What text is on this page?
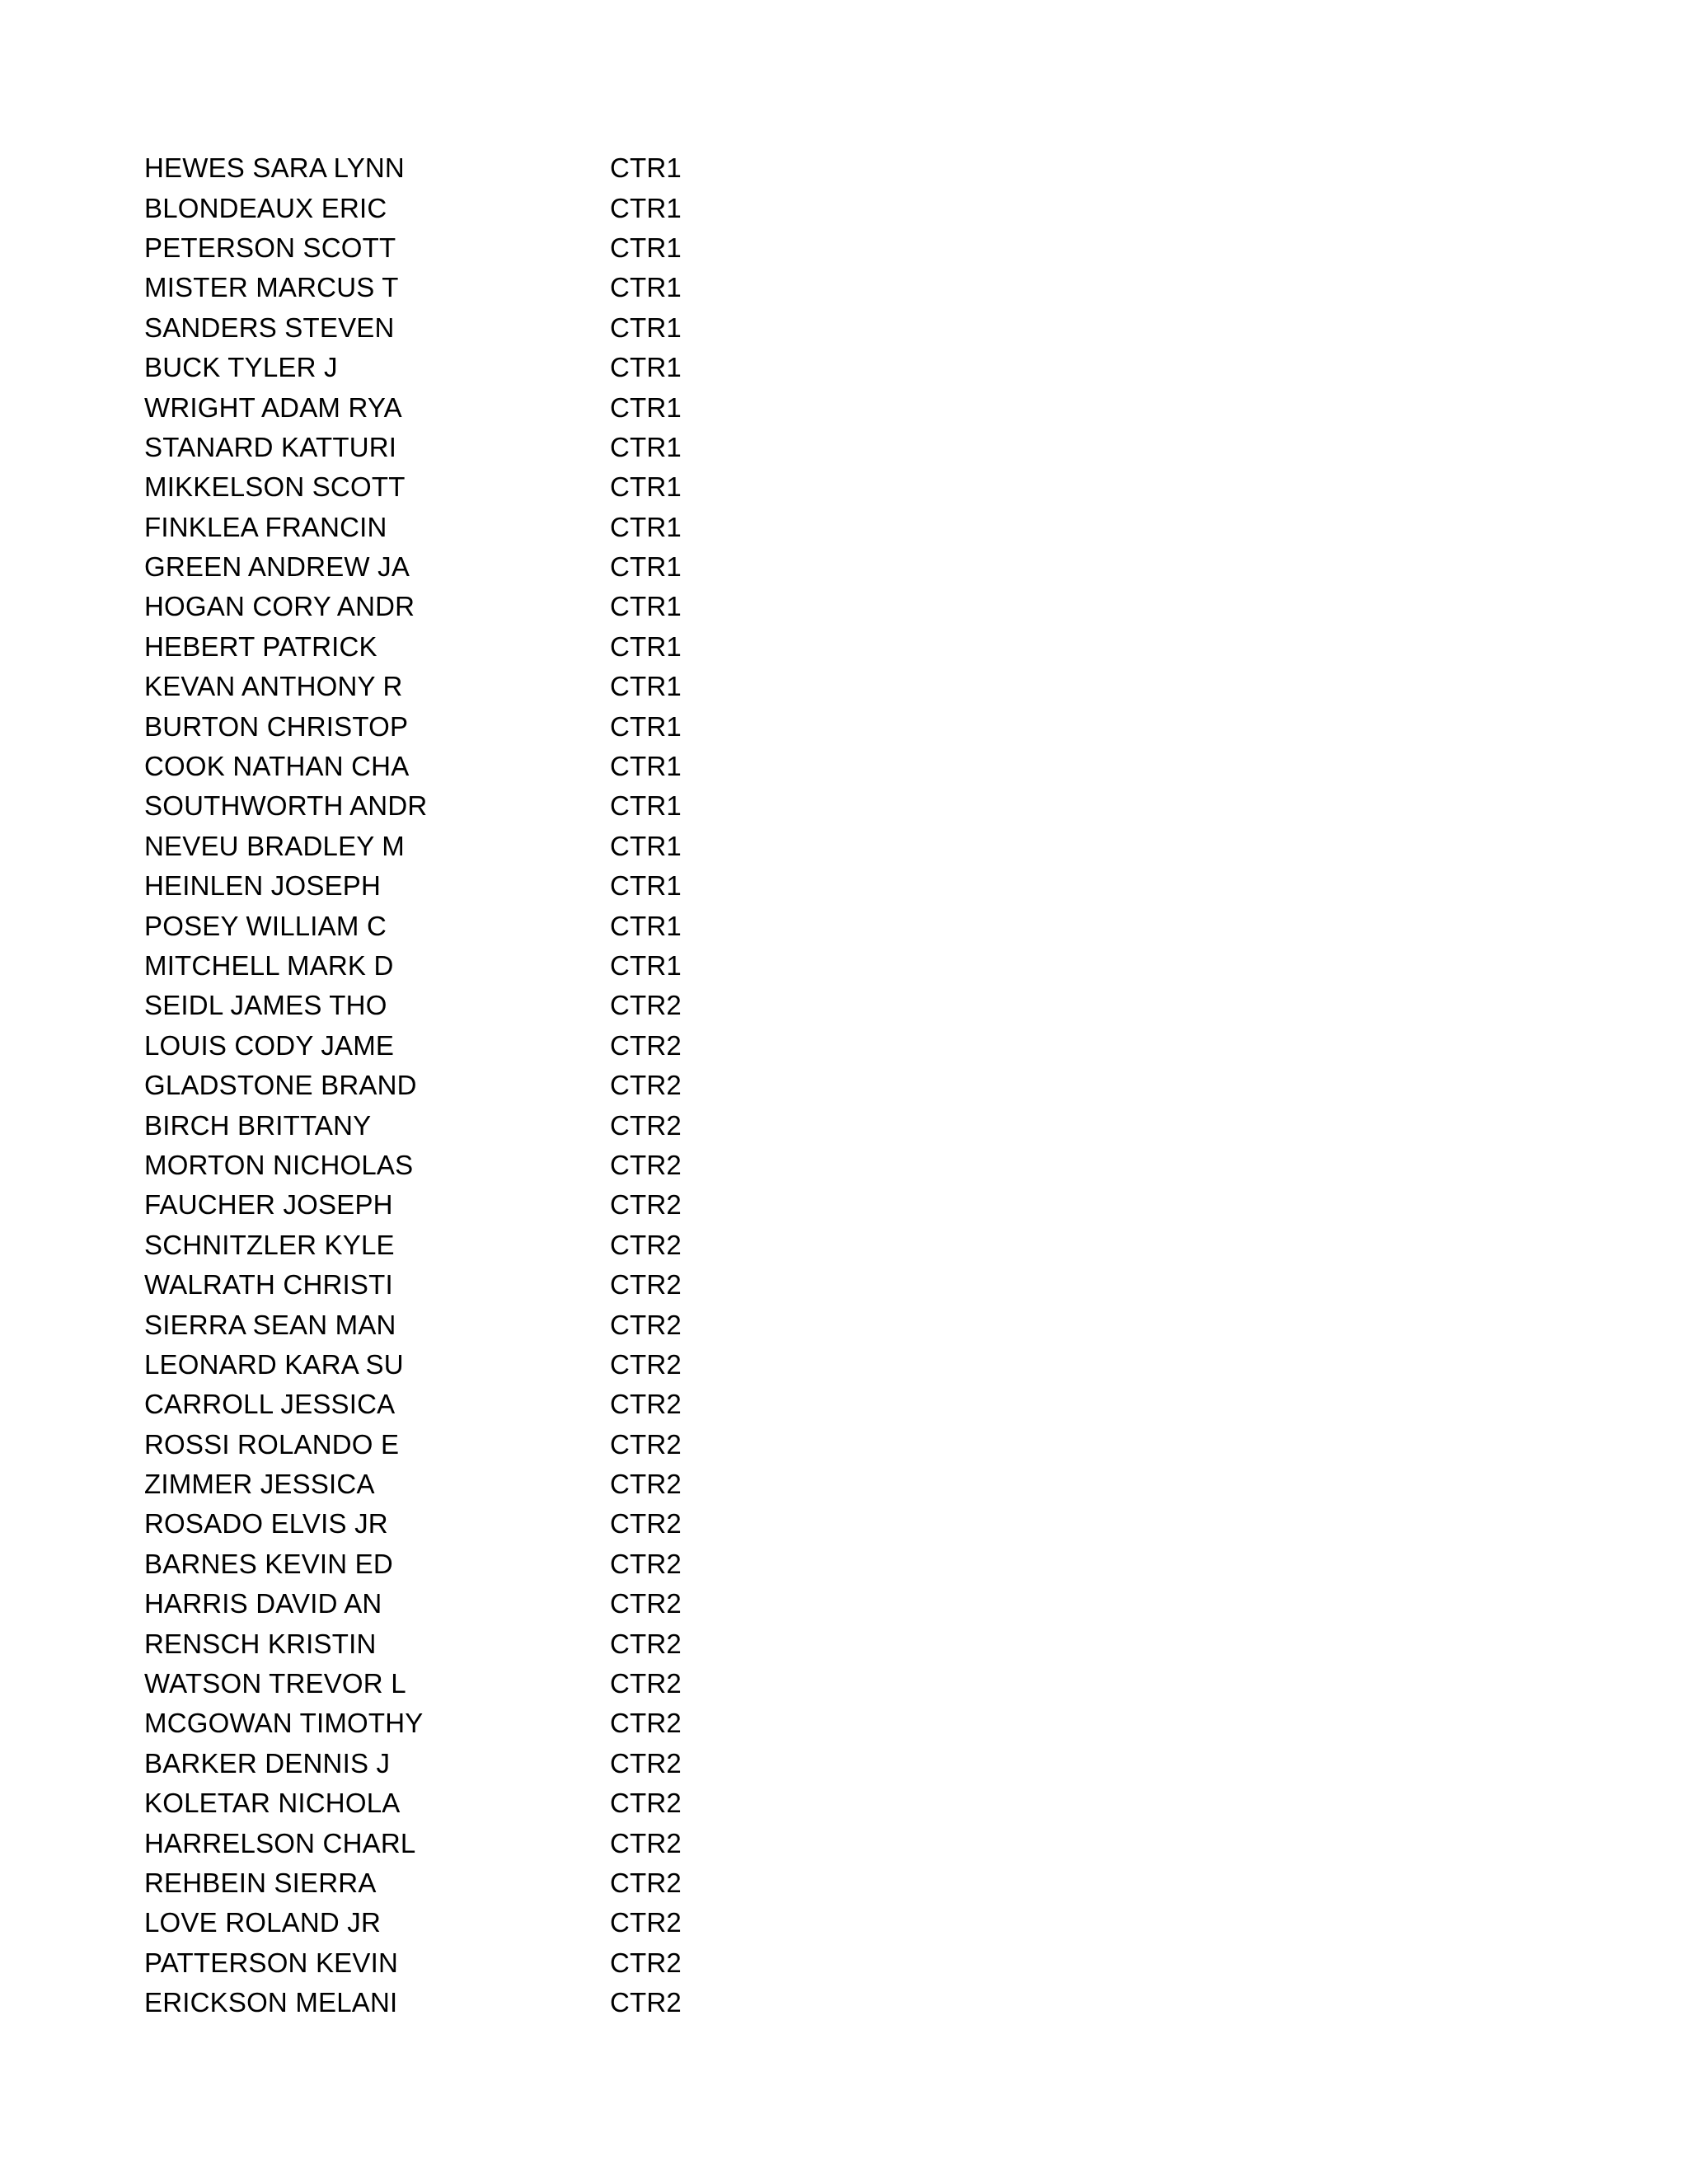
HEWES SARA LYNN	CTR1
BLONDEAUX ERIC	CTR1
PETERSON SCOTT	CTR1
MISTER MARCUS T	CTR1
SANDERS STEVEN	CTR1
BUCK TYLER J	CTR1
WRIGHT ADAM RYA	CTR1
STANARD KATTURI	CTR1
MIKKELSON SCOTT	CTR1
FINKLEA FRANCIN	CTR1
GREEN ANDREW JA	CTR1
HOGAN CORY ANDR	CTR1
HEBERT PATRICK	CTR1
KEVAN ANTHONY R	CTR1
BURTON CHRISTOP	CTR1
COOK NATHAN CHA	CTR1
SOUTHWORTH ANDR	CTR1
NEVEU BRADLEY M	CTR1
HEINLEN JOSEPH	CTR1
POSEY WILLIAM C	CTR1
MITCHELL MARK D	CTR1
SEIDL JAMES THO	CTR2
LOUIS CODY JAME	CTR2
GLADSTONE BRAND	CTR2
BIRCH BRITTANY	CTR2
MORTON NICHOLAS	CTR2
FAUCHER JOSEPH	CTR2
SCHNITZLER KYLE	CTR2
WALRATH CHRISTI	CTR2
SIERRA SEAN MAN	CTR2
LEONARD KARA SU	CTR2
CARROLL JESSICA	CTR2
ROSSI ROLANDO E	CTR2
ZIMMER JESSICA	CTR2
ROSADO ELVIS JR	CTR2
BARNES KEVIN ED	CTR2
HARRIS DAVID AN	CTR2
RENSCH KRISTIN	CTR2
WATSON TREVOR L	CTR2
MCGOWAN TIMOTHY	CTR2
BARKER DENNIS J	CTR2
KOLETAR NICHOLA	CTR2
HARRELSON CHARL	CTR2
REHBEIN SIERRA	CTR2
LOVE ROLAND JR	CTR2
PATTERSON KEVIN	CTR2
ERICKSON MELANI	CTR2
